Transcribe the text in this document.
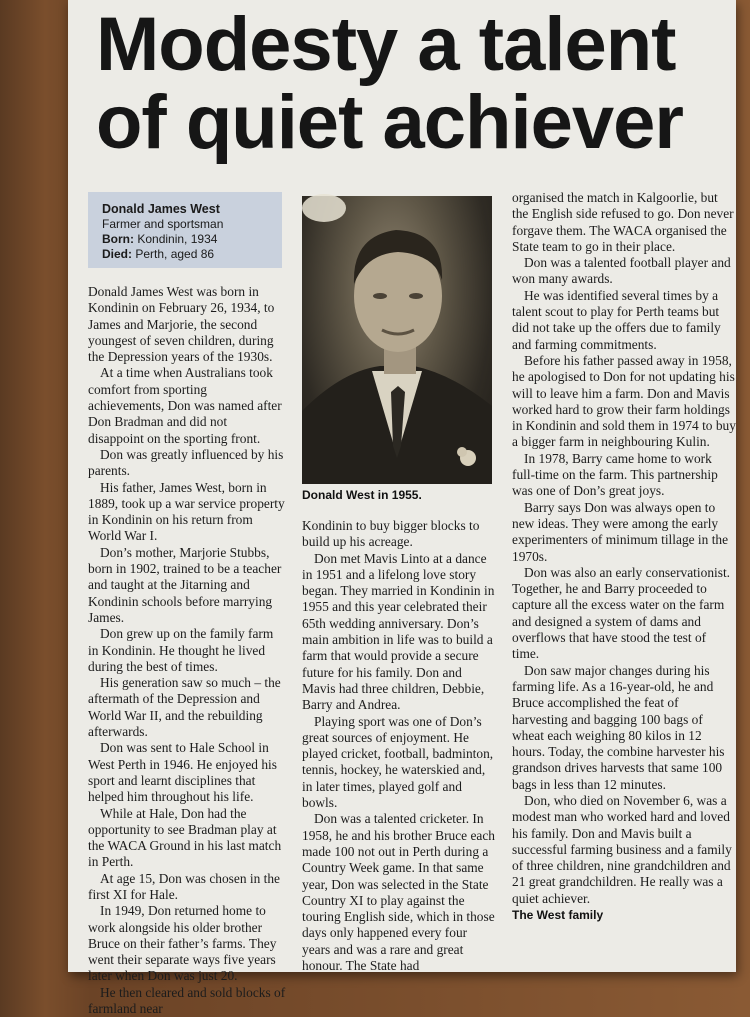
Modesty a talent
of quiet achiever
Donald James West
Farmer and sportsman
Born: Kondinin, 1934
Died: Perth, aged 86
Donald West in 1955.

Donald James West was born in Kondinin on February 26, 1934, to James and Marjorie, the second youngest of seven children, during the Depression years of the 1930s.

At a time when Australians took comfort from sporting achievements, Don was named after Don Bradman and did not disappoint on the sporting front.

Don was greatly influenced by his parents.

His father, James West, born in 1889, took up a war service property in Kondinin on his return from World War I.

Don’s mother, Marjorie Stubbs, born in 1902, trained to be a teacher and taught at the Jitarning and Kondinin schools before marrying James.

Don grew up on the family farm in Kondinin. He thought he lived during the best of times.

His generation saw so much – the aftermath of the Depression and World War II, and the rebuilding afterwards.

Don was sent to Hale School in West Perth in 1946. He enjoyed his sport and learnt disciplines that helped him throughout his life.

While at Hale, Don had the opportunity to see Bradman play at the WACA Ground in his last match in Perth.

At age 15, Don was chosen in the first XI for Hale.

In 1949, Don returned home to work alongside his older brother Bruce on their father’s farms. They went their separate ways five years later when Don was just 20.

He then cleared and sold blocks of farmland near

Kondinin to buy bigger blocks to build up his acreage.

Don met Mavis Linto at a dance in 1951 and a lifelong love story began. They married in Kondinin in 1955 and this year celebrated their 65th wedding anniversary. Don’s main ambition in life was to build a farm that would provide a secure future for his family. Don and Mavis had three children, Debbie, Barry and Andrea.

Playing sport was one of Don’s great sources of enjoyment. He played cricket, football, badminton, tennis, hockey, he waterskied and, in later times, played golf and bowls.

Don was a talented cricketer. In 1958, he and his brother Bruce each made 100 not out in Perth during a Country Week game. In that same year, Don was selected in the State Country XI to play against the touring English side, which in those days only happened every four years and was a rare and great honour. The State had

organised the match in Kalgoorlie, but the English side refused to go. Don never forgave them. The WACA organised the State team to go in their place.

Don was a talented football player and won many awards.

He was identified several times by a talent scout to play for Perth teams but did not take up the offers due to family and farming commitments.

Before his father passed away in 1958, he apologised to Don for not updating his will to leave him a farm. Don and Mavis worked hard to grow their farm holdings in Kondinin and sold them in 1974 to buy a bigger farm in neighbouring Kulin.

In 1978, Barry came home to work full-time on the farm. This partnership was one of Don’s great joys.

Barry says Don was always open to new ideas. They were among the early experimenters of minimum tillage in the 1970s.

Don was also an early conservationist. Together, he and Barry proceeded to capture all the excess water on the farm and designed a system of dams and overflows that have stood the test of time.

Don saw major changes during his farming life. As a 16-year-old, he and Bruce accomplished the feat of harvesting and bagging 100 bags of wheat each weighing 80 kilos in 12 hours. Today, the combine harvester his grandson drives harvests that same 100 bags in less than 12 minutes.

Don, who died on November 6, was a modest man who worked hard and loved his family. Don and Mavis built a successful farming business and a family of three children, nine grandchildren and 21 great grandchildren. He really was a quiet achiever.

The West family
